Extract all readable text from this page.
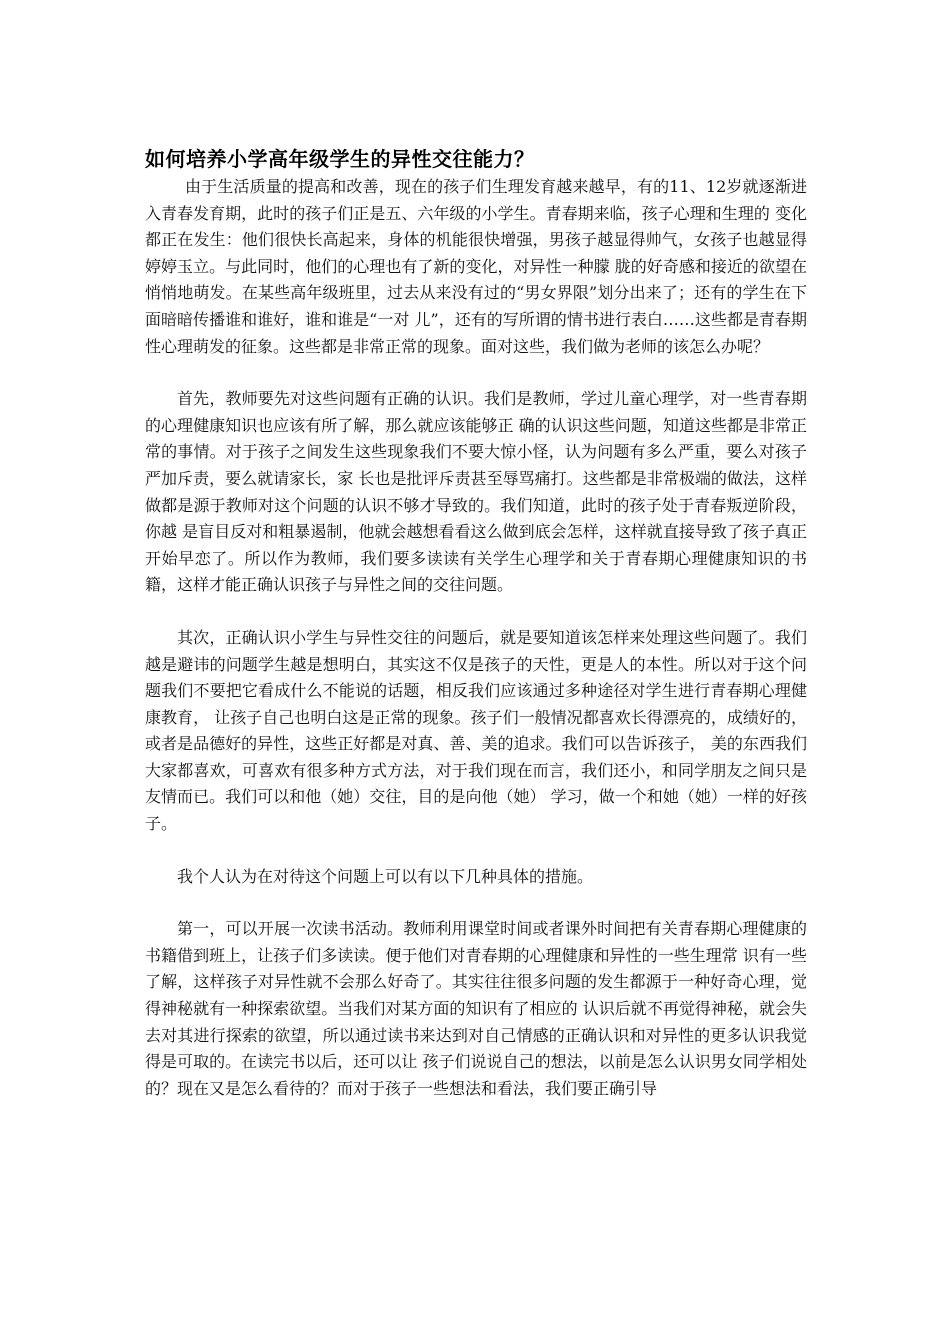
如何培养小学高年级学生的异性交往能力？

由于生活质量的提高和改善，现在的孩子们生理发育越来越早，有的11、12岁就逐渐进入青春发育期，此时的孩子们正是五、六年级的小学生。青春期来临，孩子心理和生理的 变化都正在发生：他们很快长高起来，身体的机能很快增强，男孩子越显得帅气，女孩子也越显得婷婷玉立。与此同时，他们的心理也有了新的变化，对异性一种朦 胧的好奇感和接近的欲望在悄悄地萌发。在某些高年级班里，过去从来没有过的“男女界限”划分出来了；还有的学生在下面暗暗传播谁和谁好，谁和谁是“一对 儿”，还有的写所谓的情书进行表白……这些都是青春期性心理萌发的征象。这些都是非常正常的现象。面对这些，我们做为老师的该怎么办呢？

首先，教师要先对这些问题有正确的认识。我们是教师，学过儿童心理学，对一些青春期的心理健康知识也应该有所了解，那么就应该能够正 确的认识这些问题，知道这些都是非常正常的事情。对于孩子之间发生这些现象我们不要大惊小怪，认为问题有多么严重，要么对孩子严加斥责，要么就请家长，家 长也是批评斥责甚至辱骂痛打。这些都是非常极端的做法，这样做都是源于教师对这个问题的认识不够才导致的。我们知道，此时的孩子处于青春叛逆阶段，你越 是盲目反对和粗暴遏制，他就会越想看看这么做到底会怎样，这样就直接导致了孩子真正开始早恋了。所以作为教师，我们要多读读有关学生心理学和关于青春期心理健康知识的书籍，这样才能正确认识孩子与异性之间的交往问题。

其次，正确认识小学生与异性交往的问题后，就是要知道该怎样来处理这些问题了。我们越是避讳的问题学生越是想明白，其实这不仅是孩子的天性，更是人的本性。所以对于这个问题我们不要把它看成什么不能说的话题，相反我们应该通过多种途径对学生进行青春期心理健康教育， 让孩子自己也明白这是正常的现象。孩子们一般情况都喜欢长得漂亮的，成绩好的，或者是品德好的异性，这些正好都是对真、善、美的追求。我们可以告诉孩子， 美的东西我们大家都喜欢，可喜欢有很多种方式方法，对于我们现在而言，我们还小，和同学朋友之间只是友情而已。我们可以和他（她）交往，目的是向他（她） 学习，做一个和她（她）一样的好孩子。

我个人认为在对待这个问题上可以有以下几种具体的措施。

第一，可以开展一次读书活动。教师利用课堂时间或者课外时间把有关青春期心理健康的书籍借到班上，让孩子们多读读。便于他们对青春期的心理健康和异性的一些生理常 识有一些了解，这样孩子对异性就不会那么好奇了。其实往往很多问题的发生都源于一种好奇心理，觉得神秘就有一种探索欲望。当我们对某方面的知识有了相应的 认识后就不再觉得神秘，就会失去对其进行探索的欲望，所以通过读书来达到对自己情感的正确认识和对异性的更多认识我觉得是可取的。在读完书以后，还可以让 孩子们说说自己的想法，以前是怎么认识男女同学相处的？现在又是怎么看待的？而对于孩子一些想法和看法，我们要正确引导
